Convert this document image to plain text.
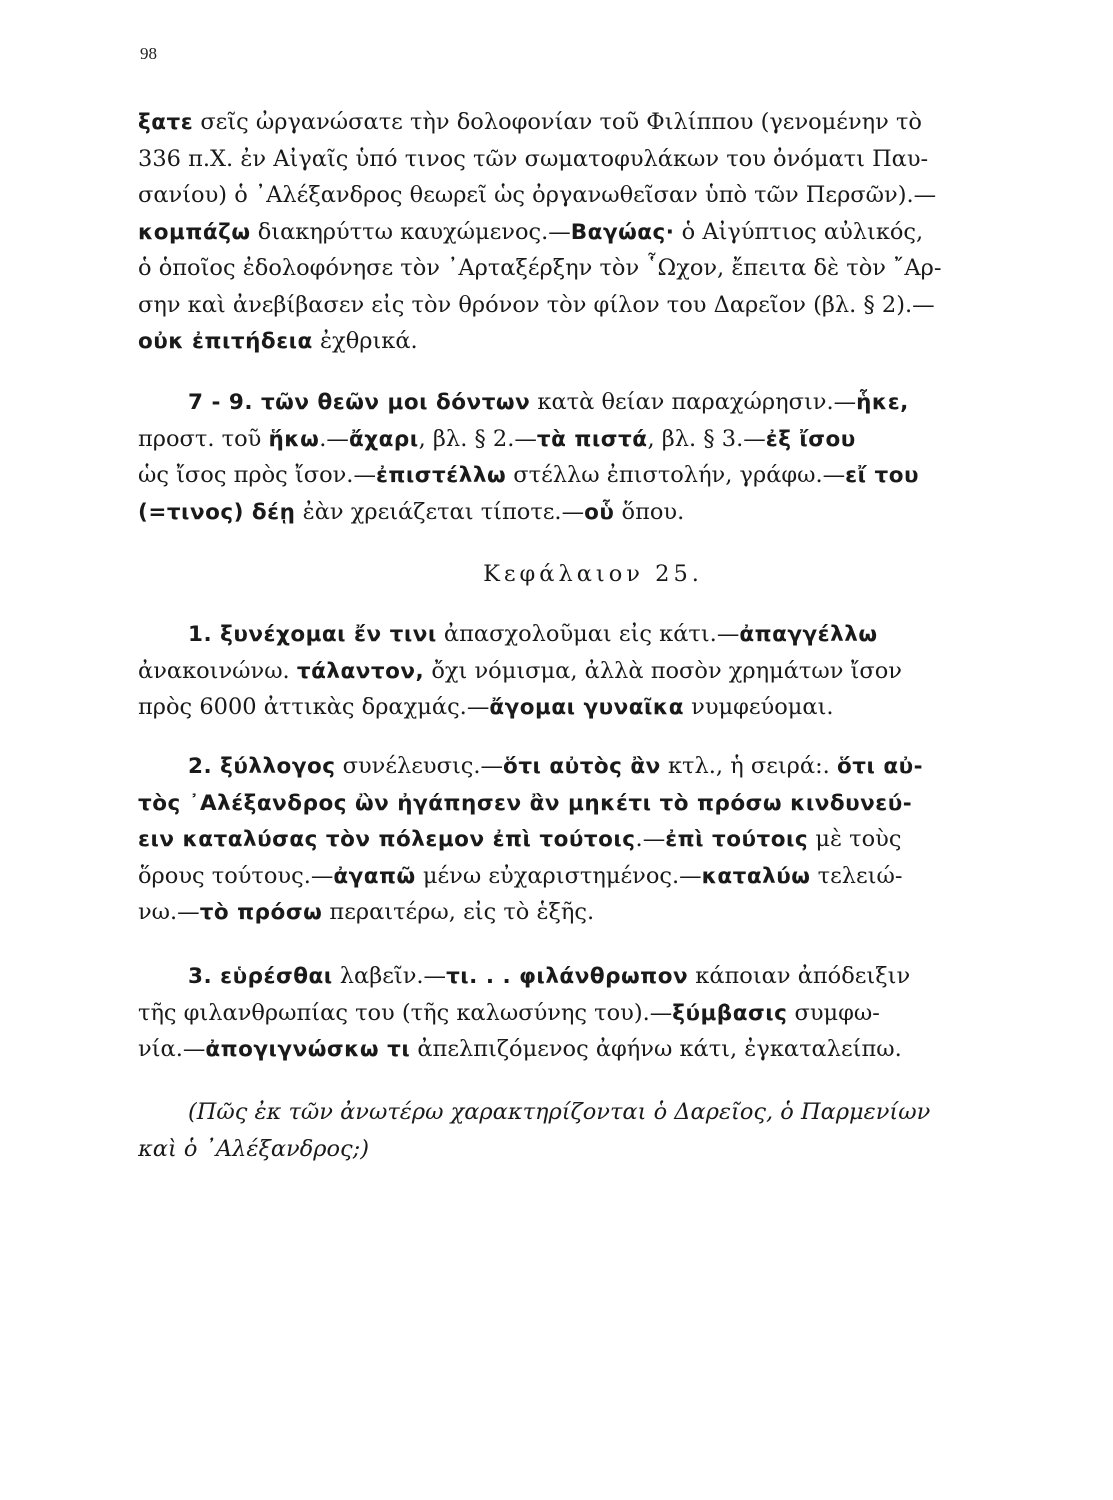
98
ξατε σεῖς ὠργανώσατε τὴν δολοφονίαν τοῦ Φιλίππου (γενομένην τὸ
336 π.Χ. ἐν Αἰγαῖς ὑπό τινος τῶν σωματοφυλάκων του ὀνόματι Παυ-
σανίου) ὁ ᾿Αλέξανδρος θεωρεῖ ὡς ὀργανωθεῖσαν ὑπὸ τῶν Περσῶν).—
κομπάζω διακηρύττω καυχώμενος.—Βαγώας· ὁ Αἰγύπτιος αὐλικός,
ὁ ὁποῖος ἐδολοφόνησε τὸν ᾿Αρταξέρξην τὸν ῟Ωχον, ἔπειτα δὲ τὸν ῎Αρ-
σην καὶ ἀνεβίβασεν εἰς τὸν θρόνον τὸν φίλον του Δαρεῖον (βλ. § 2).—
οὐκ ἐπιτήδεια ἐχθρικά.
7 - 9. τῶν θεῶν μοι δόντων κατὰ θείαν παραχώρησιν.—ἧκε,
προστ. τοῦ ἥκω.—ἄχαρι, βλ. § 2.—τὰ πιστά, βλ. § 3.—ἐξ ἴσου
ὡς ἴσος πρὸς ἴσον.—ἐπιστέλλω στέλλω ἐπιστολήν, γράφω.—εἴ του
(=τινος) δέῃ ἐὰν χρειάζεται τίποτε.—οὗ ὅπου.
Κεφάλαιον 25.
1. ξυνέχομαι ἔν τινι ἀπασχολοῦμαι εἰς κάτι.—ἀπαγγέλλω
ἀνακοινώνω. τάλαντον, ὄχι νόμισμα, ἀλλὰ ποσὸν χρημάτων ἴσον
πρὸς 6000 ἀττικὰς δραχμάς.—ἄγομαι γυναῖκα νυμφεύομαι.
2. ξύλλογος συνέλευσις.—ὅτι αὐτὸς ἂν κτλ., ἡ σειρά:. ὅτι αὐ-
τὸς ᾿Αλέξανδρος ὢν ἠγάπησεν ἂν μηκέτι τὸ πρόσω κινδυνεύ-
ειν καταλύσας τὸν πόλεμον ἐπὶ τούτοις.—ἐπὶ τούτοις μὲ τοὺς
ὅρους τούτους.—ἀγαπῶ μένω εὐχαριστημένος.—καταλύω τελειώ-
νω.—τὸ πρόσω περαιτέρω, εἰς τὸ ἑξῆς.
3. εὑρέσθαι λαβεῖν.—τι. . . φιλάνθρωπον κάποιαν ἀπόδειξιν
τῆς φιλανθρωπίας του (τῆς καλωσύνης του).—ξύμβασις συμφω-
νία.—ἀπογιγνώσκω τι ἀπελπιζόμενος ἀφήνω κάτι, ἐγκαταλείπω.
(Πῶς ἐκ τῶν ἀνωτέρω χαρακτηρίζονται ὁ Δαρεῖος, ὁ Παρμενίων
καὶ ὁ ᾿Αλέξανδρος;)
